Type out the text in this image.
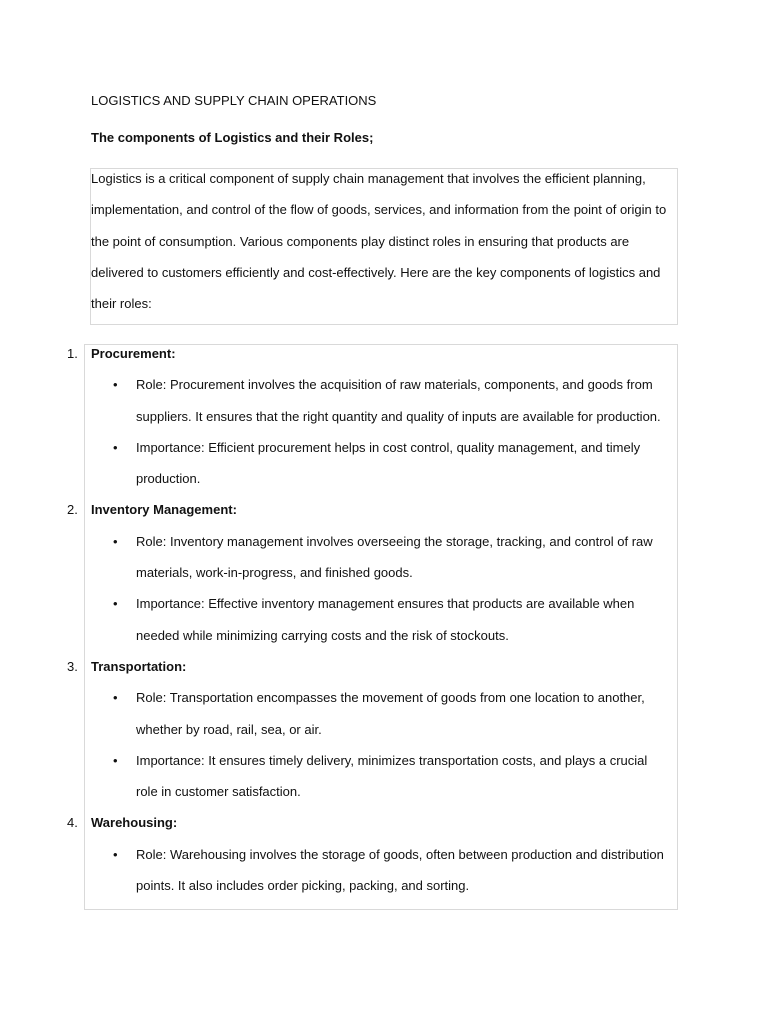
LOGISTICS AND SUPPLY CHAIN OPERATIONS
The components of Logistics and their Roles;

Logistics is a critical component of supply chain management that involves the efficient planning, implementation, and control of the flow of goods, services, and information from the point of origin to the point of consumption. Various components play distinct roles in ensuring that products are delivered to customers efficiently and cost-effectively. Here are the key components of logistics and their roles:

1. Procurement:
• Role: Procurement involves the acquisition of raw materials, components, and goods from suppliers. It ensures that the right quantity and quality of inputs are available for production.
• Importance: Efficient procurement helps in cost control, quality management, and timely production.
2. Inventory Management:
• Role: Inventory management involves overseeing the storage, tracking, and control of raw materials, work-in-progress, and finished goods.
• Importance: Effective inventory management ensures that products are available when needed while minimizing carrying costs and the risk of stockouts.
3. Transportation:
• Role: Transportation encompasses the movement of goods from one location to another, whether by road, rail, sea, or air.
• Importance: It ensures timely delivery, minimizes transportation costs, and plays a crucial role in customer satisfaction.
4. Warehousing:
• Role: Warehousing involves the storage of goods, often between production and distribution points. It also includes order picking, packing, and sorting.
